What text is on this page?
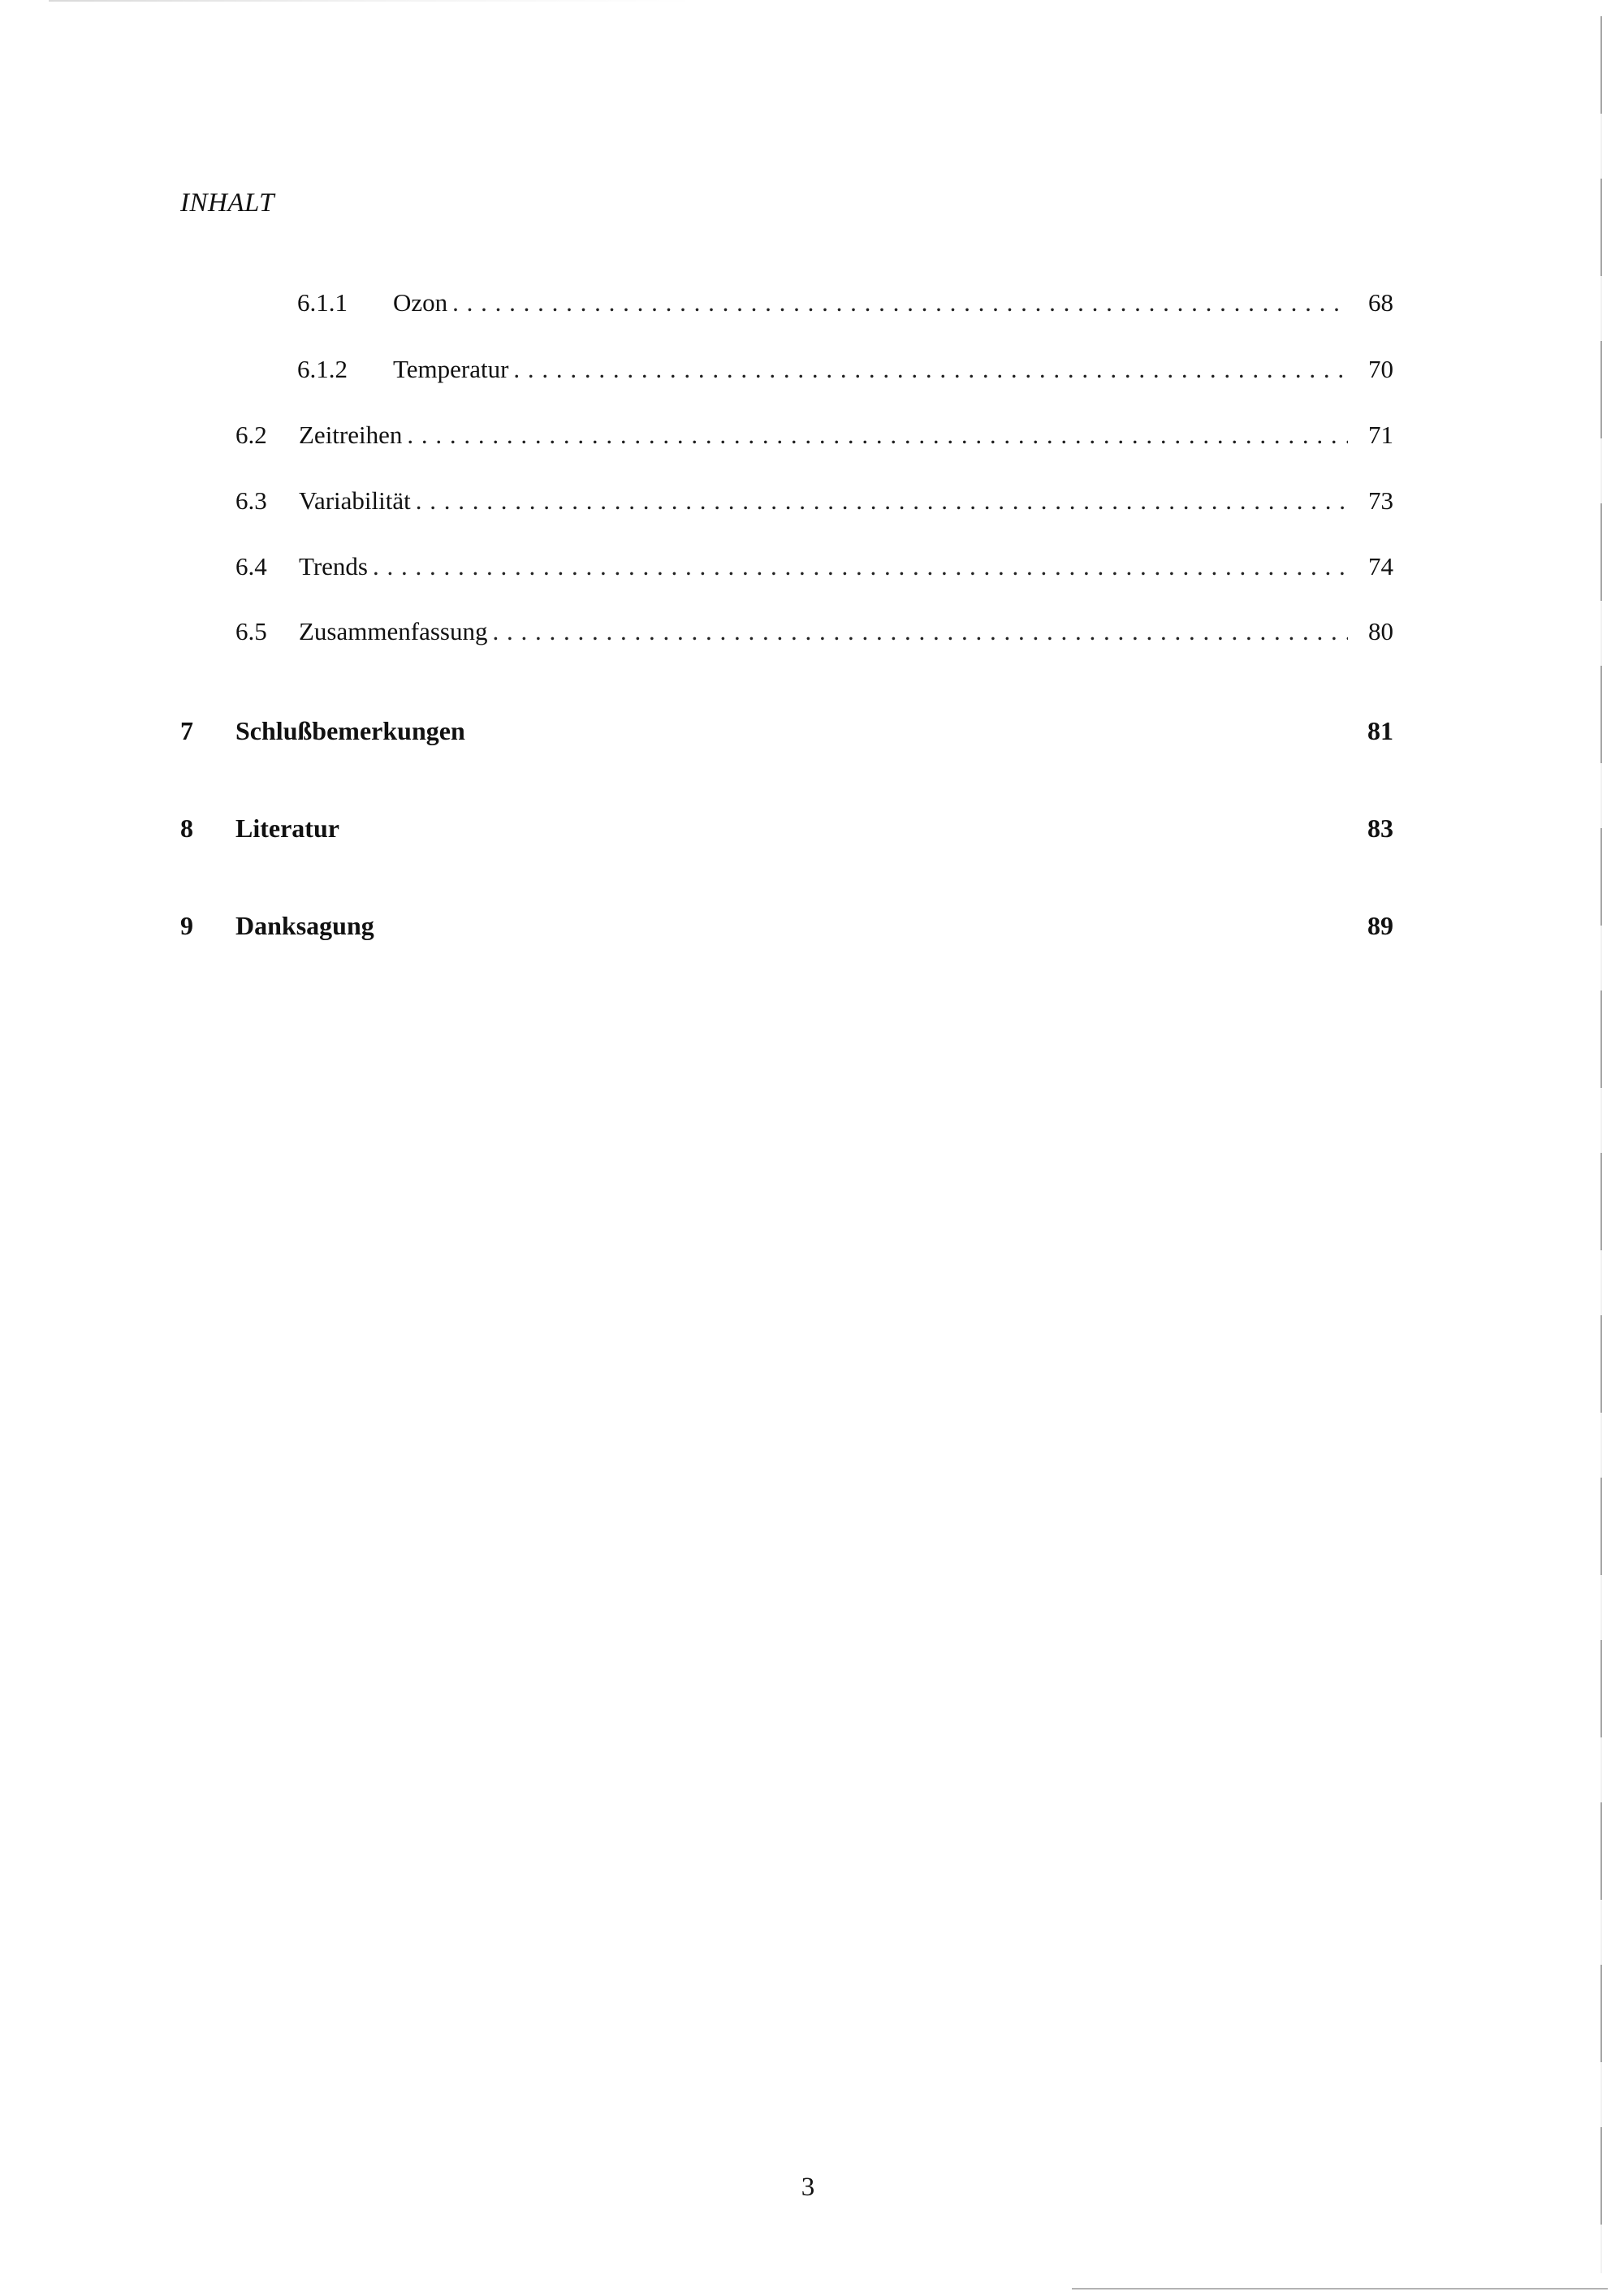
INHALT
6.1.1	Ozon . . .	68
6.1.2	Temperatur . . .	70
6.2	Zeitreihen . . .	71
6.3	Variabilität . . .	73
6.4	Trends . . .	74
6.5	Zusammenfassung . . .	80
7	Schlußbemerkungen	81
8	Literatur	83
9	Danksagung	89
3
